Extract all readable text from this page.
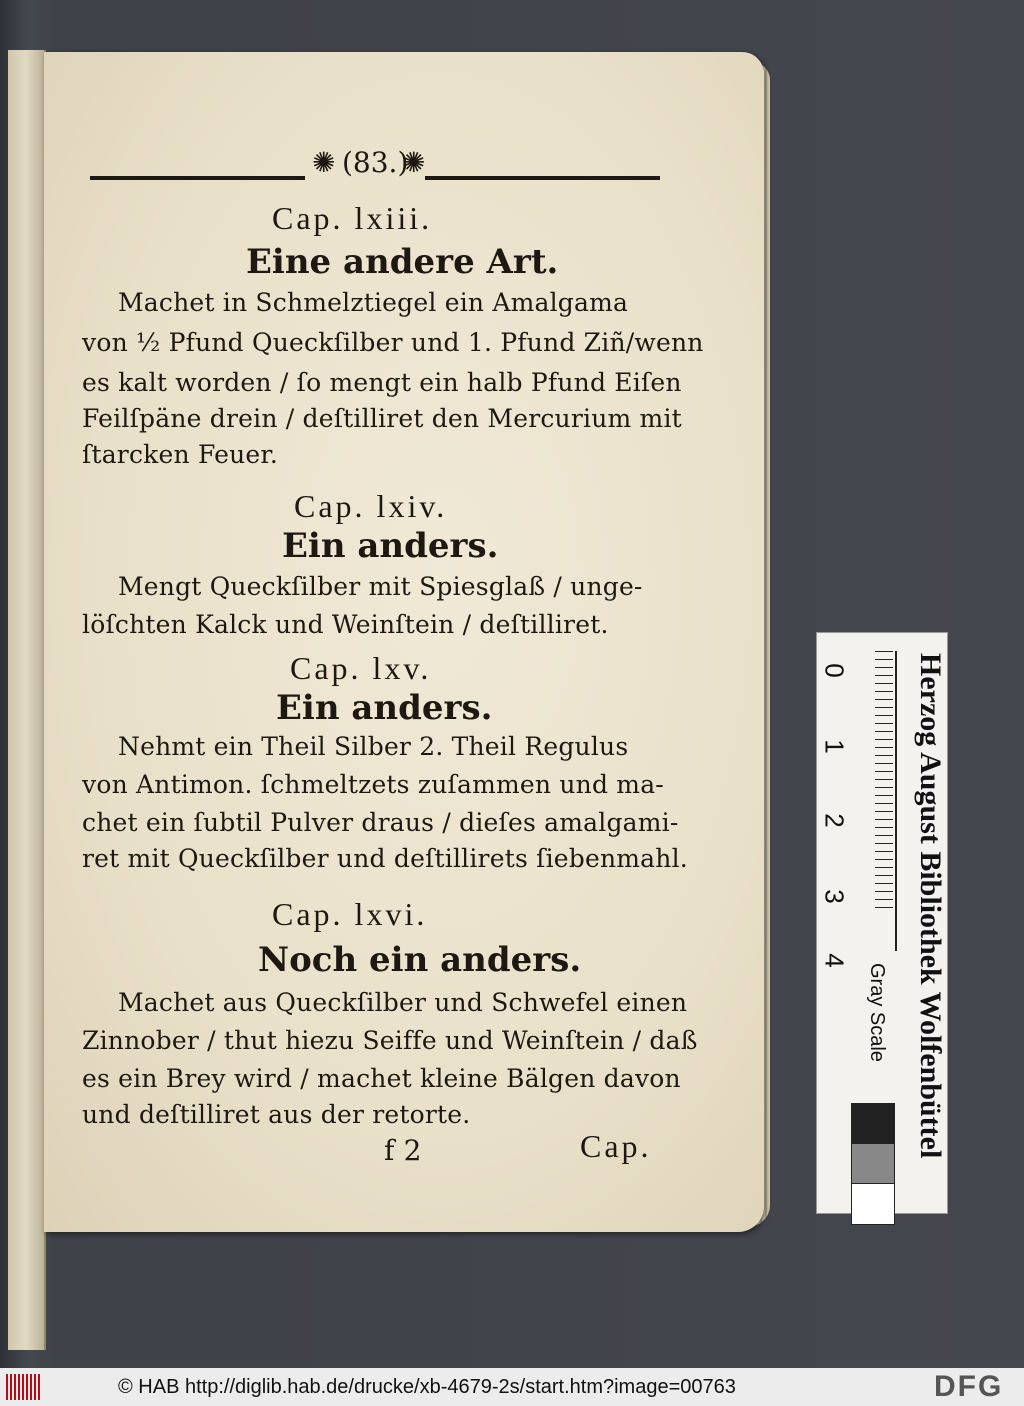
✺ (83.)
✺
Cap. lxiii.
Eine andere Art.
Machet in Schmelztiegel ein Amalgama
von ½ Pfund Queckſilber und 1. Pfund Ziñ/wenn
es kalt worden / ſo mengt ein halb Pfund Eiſen
Feilſpäne drein / deſtilliret den Mercurium mit
ſtarcken Feuer.
Cap. lxiv.
Ein anders.
Mengt Queckſilber mit Spiesglaß / unge-
löſchten Kalck und Weinſtein / deſtilliret.
Cap. lxv.
Ein anders.
Nehmt ein Theil Silber 2. Theil Regulus
von Antimon. ſchmeltzets zuſammen und ma-
chet ein ſubtil Pulver draus / dieſes amalgami-
ret mit Queckſilber und deſtillirets ſiebenmahl.
Cap. lxvi.
Noch ein anders.
Machet aus Queckſilber und Schwefel einen
Zinnober / thut hiezu Seiffe und Weinſtein / daß
es ein Brey wird / machet kleine Bälgen davon
und deſtilliret aus der retorte.
f 2	Cap.
0
1
2
3
4 Herzog August Bibliothek Wolfenbüttel
Gray Scale
© HAB http://diglib.hab.de/drucke/xb-4679-2s/start.htm?image=00763	DFG
